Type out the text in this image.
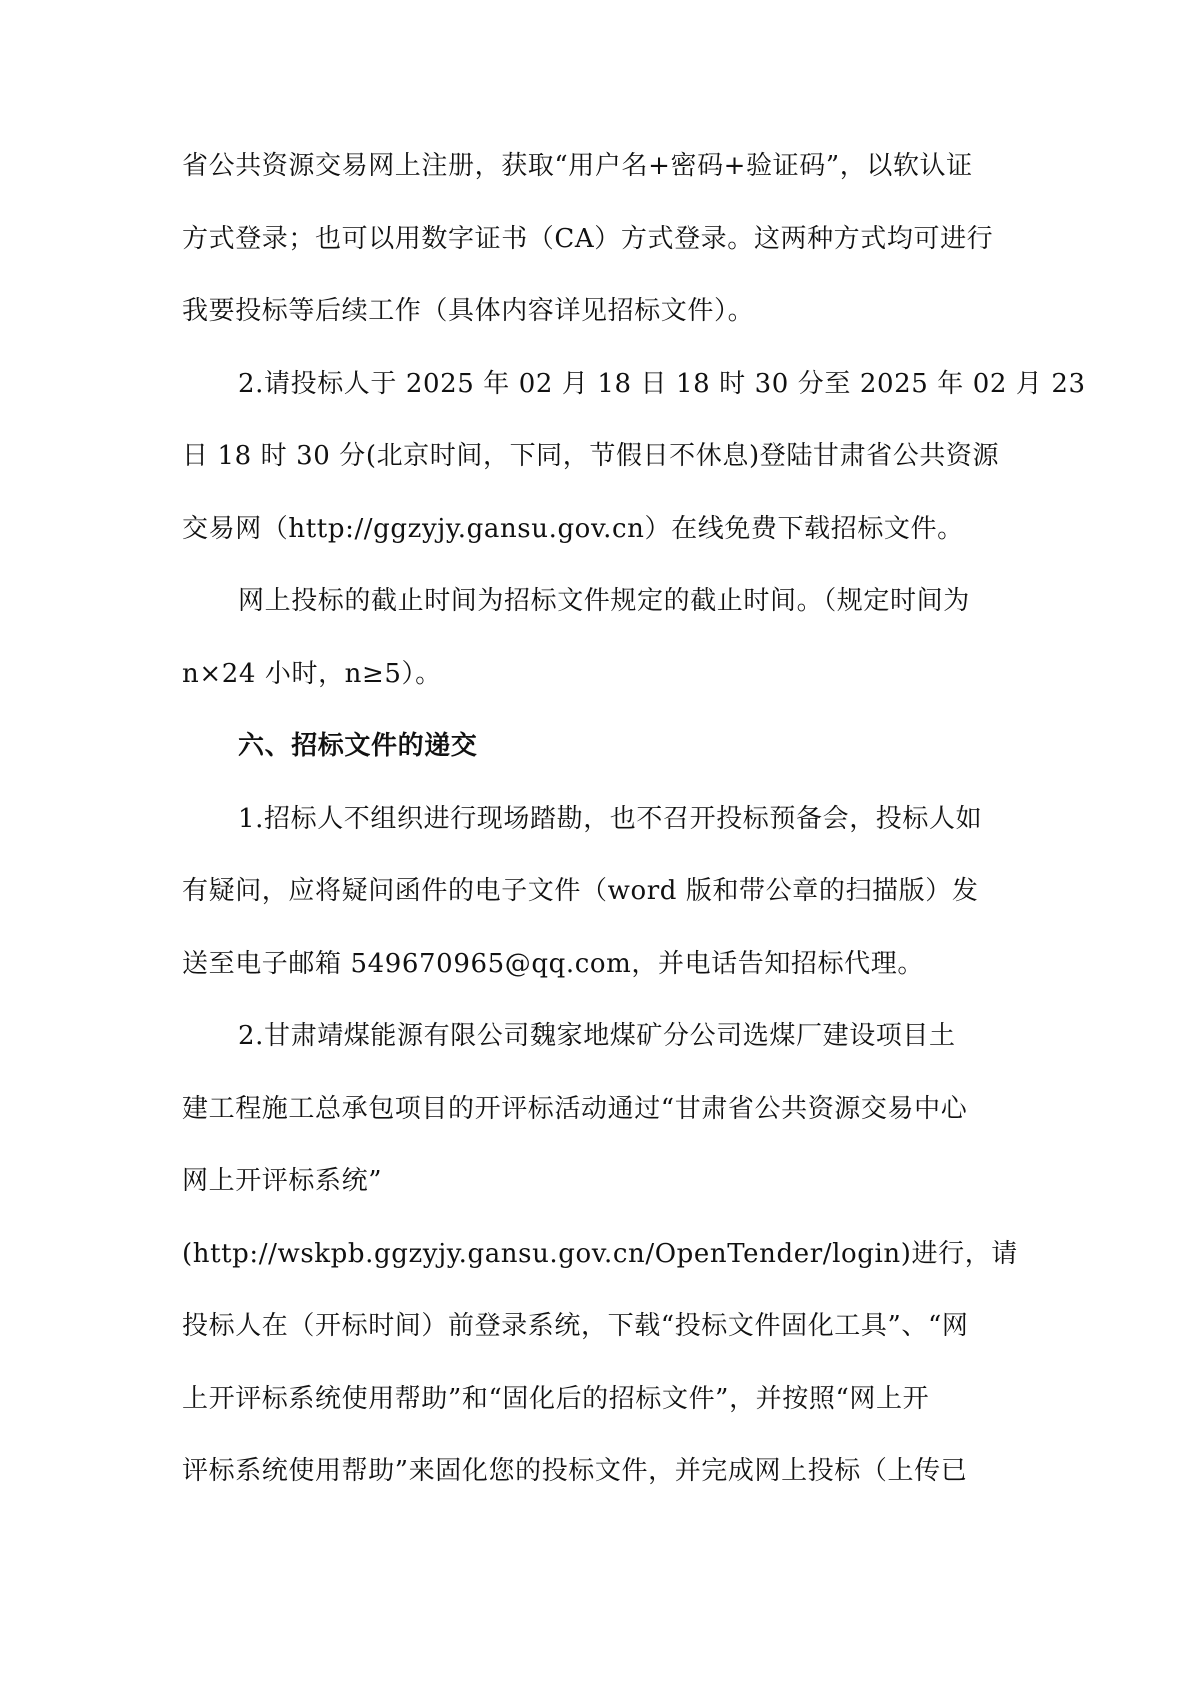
省公共资源交易网上注册，获取“用户名+密码+验证码”，以软认证
方式登录；也可以用数字证书（CA）方式登录。这两种方式均可进行
我要投标等后续工作（具体内容详见招标文件）。

2.请投标人于 2025 年 02 月 18 日 18 时 30 分至 2025 年 02 月 23
日 18 时 30 分(北京时间，下同，节假日不休息)登陆甘肃省公共资源
交易网（http://ggzyjy.gansu.gov.cn）在线免费下载招标文件。

网上投标的截止时间为招标文件规定的截止时间。（规定时间为
n×24 小时，n≥5）。

六、招标文件的递交

1.招标人不组织进行现场踏勘，也不召开投标预备会，投标人如
有疑问，应将疑问函件的电子文件（word 版和带公章的扫描版）发
送至电子邮箱 549670965@qq.com，并电话告知招标代理。

2.甘肃靖煤能源有限公司魏家地煤矿分公司选煤厂建设项目土
建工程施工总承包项目的开评标活动通过“甘肃省公共资源交易中心
网上开评标系统”
(http://wskpb.ggzyjy.gansu.gov.cn/OpenTender/login)进行，请
投标人在（开标时间）前登录系统，下载“投标文件固化工具”、“网
上开评标系统使用帮助”和“固化后的招标文件”，并按照“网上开
评标系统使用帮助”来固化您的投标文件，并完成网上投标（上传已
